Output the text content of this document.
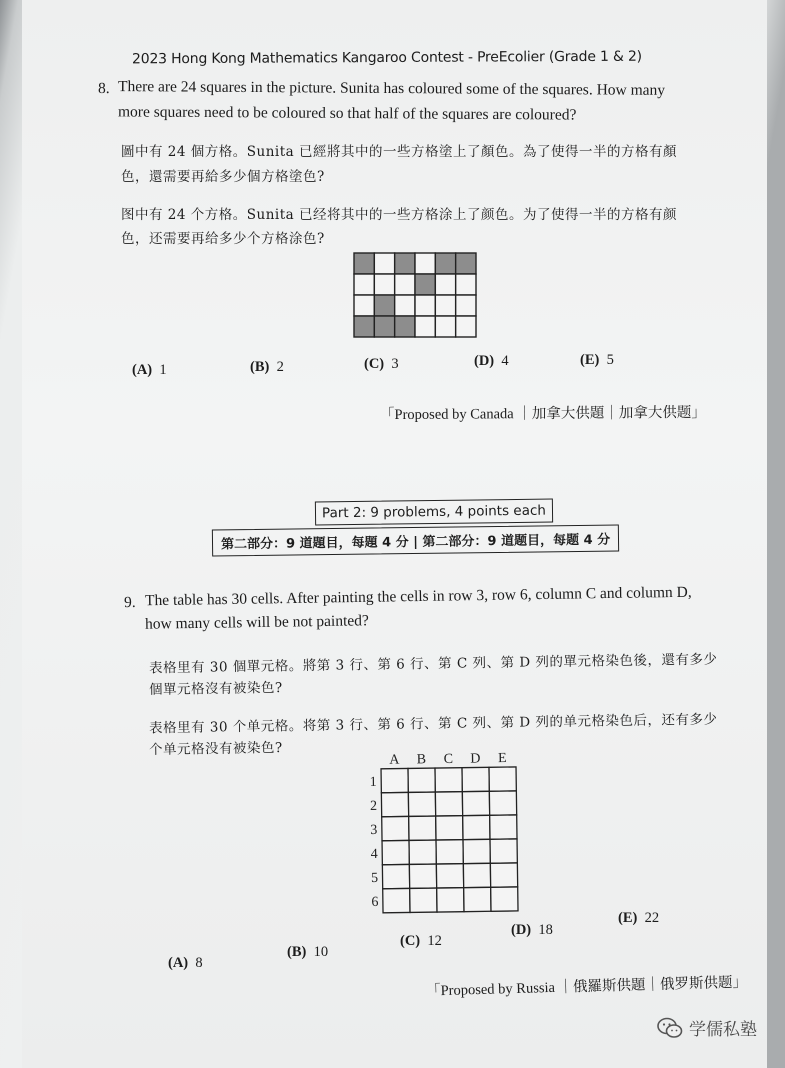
2023 Hong Kong Mathematics Kangaroo Contest - PreEcolier (Grade 1 & 2)
8. There are 24 squares in the picture. Sunita has coloured some of the squares. How many
more squares need to be coloured so that half of the squares are coloured?
圖中有 24 個方格。Sunita 已經將其中的一些方格塗上了顏色。為了使得一半的方格有顏
色，還需要再給多少個方格塗色?
图中有 24 个方格。Sunita 已经将其中的一些方格涂上了颜色。为了使得一半的方格有颜
色，还需要再给多少个方格涂色?
(A) 1	(B) 2	(C) 3	(D) 4	(E) 5
「Proposed by Canada ｜加拿大供題｜加拿大供题」
Part 2: 9 problems, 4 points each
第二部分：9 道題目，每題 4 分 | 第二部分：9 道题目，每题 4 分
9. The table has 30 cells. After painting the cells in row 3, row 6, column C and column D,
how many cells will be not painted?
表格里有 30 個單元格。將第 3 行、第 6 行、第 C 列、第 D 列的單元格染色後，還有多少
個單元格沒有被染色?
表格里有 30 个单元格。将第 3 行、第 6 行、第 C 列、第 D 列的单元格染色后，还有多少
个单元格没有被染色?
A B C D E
1
2
3
4
5
6
(A) 8
(B) 10
(C) 12
(D) 18
(E) 22
「Proposed by Russia ｜俄羅斯供題｜俄罗斯供题」
学儒私塾
